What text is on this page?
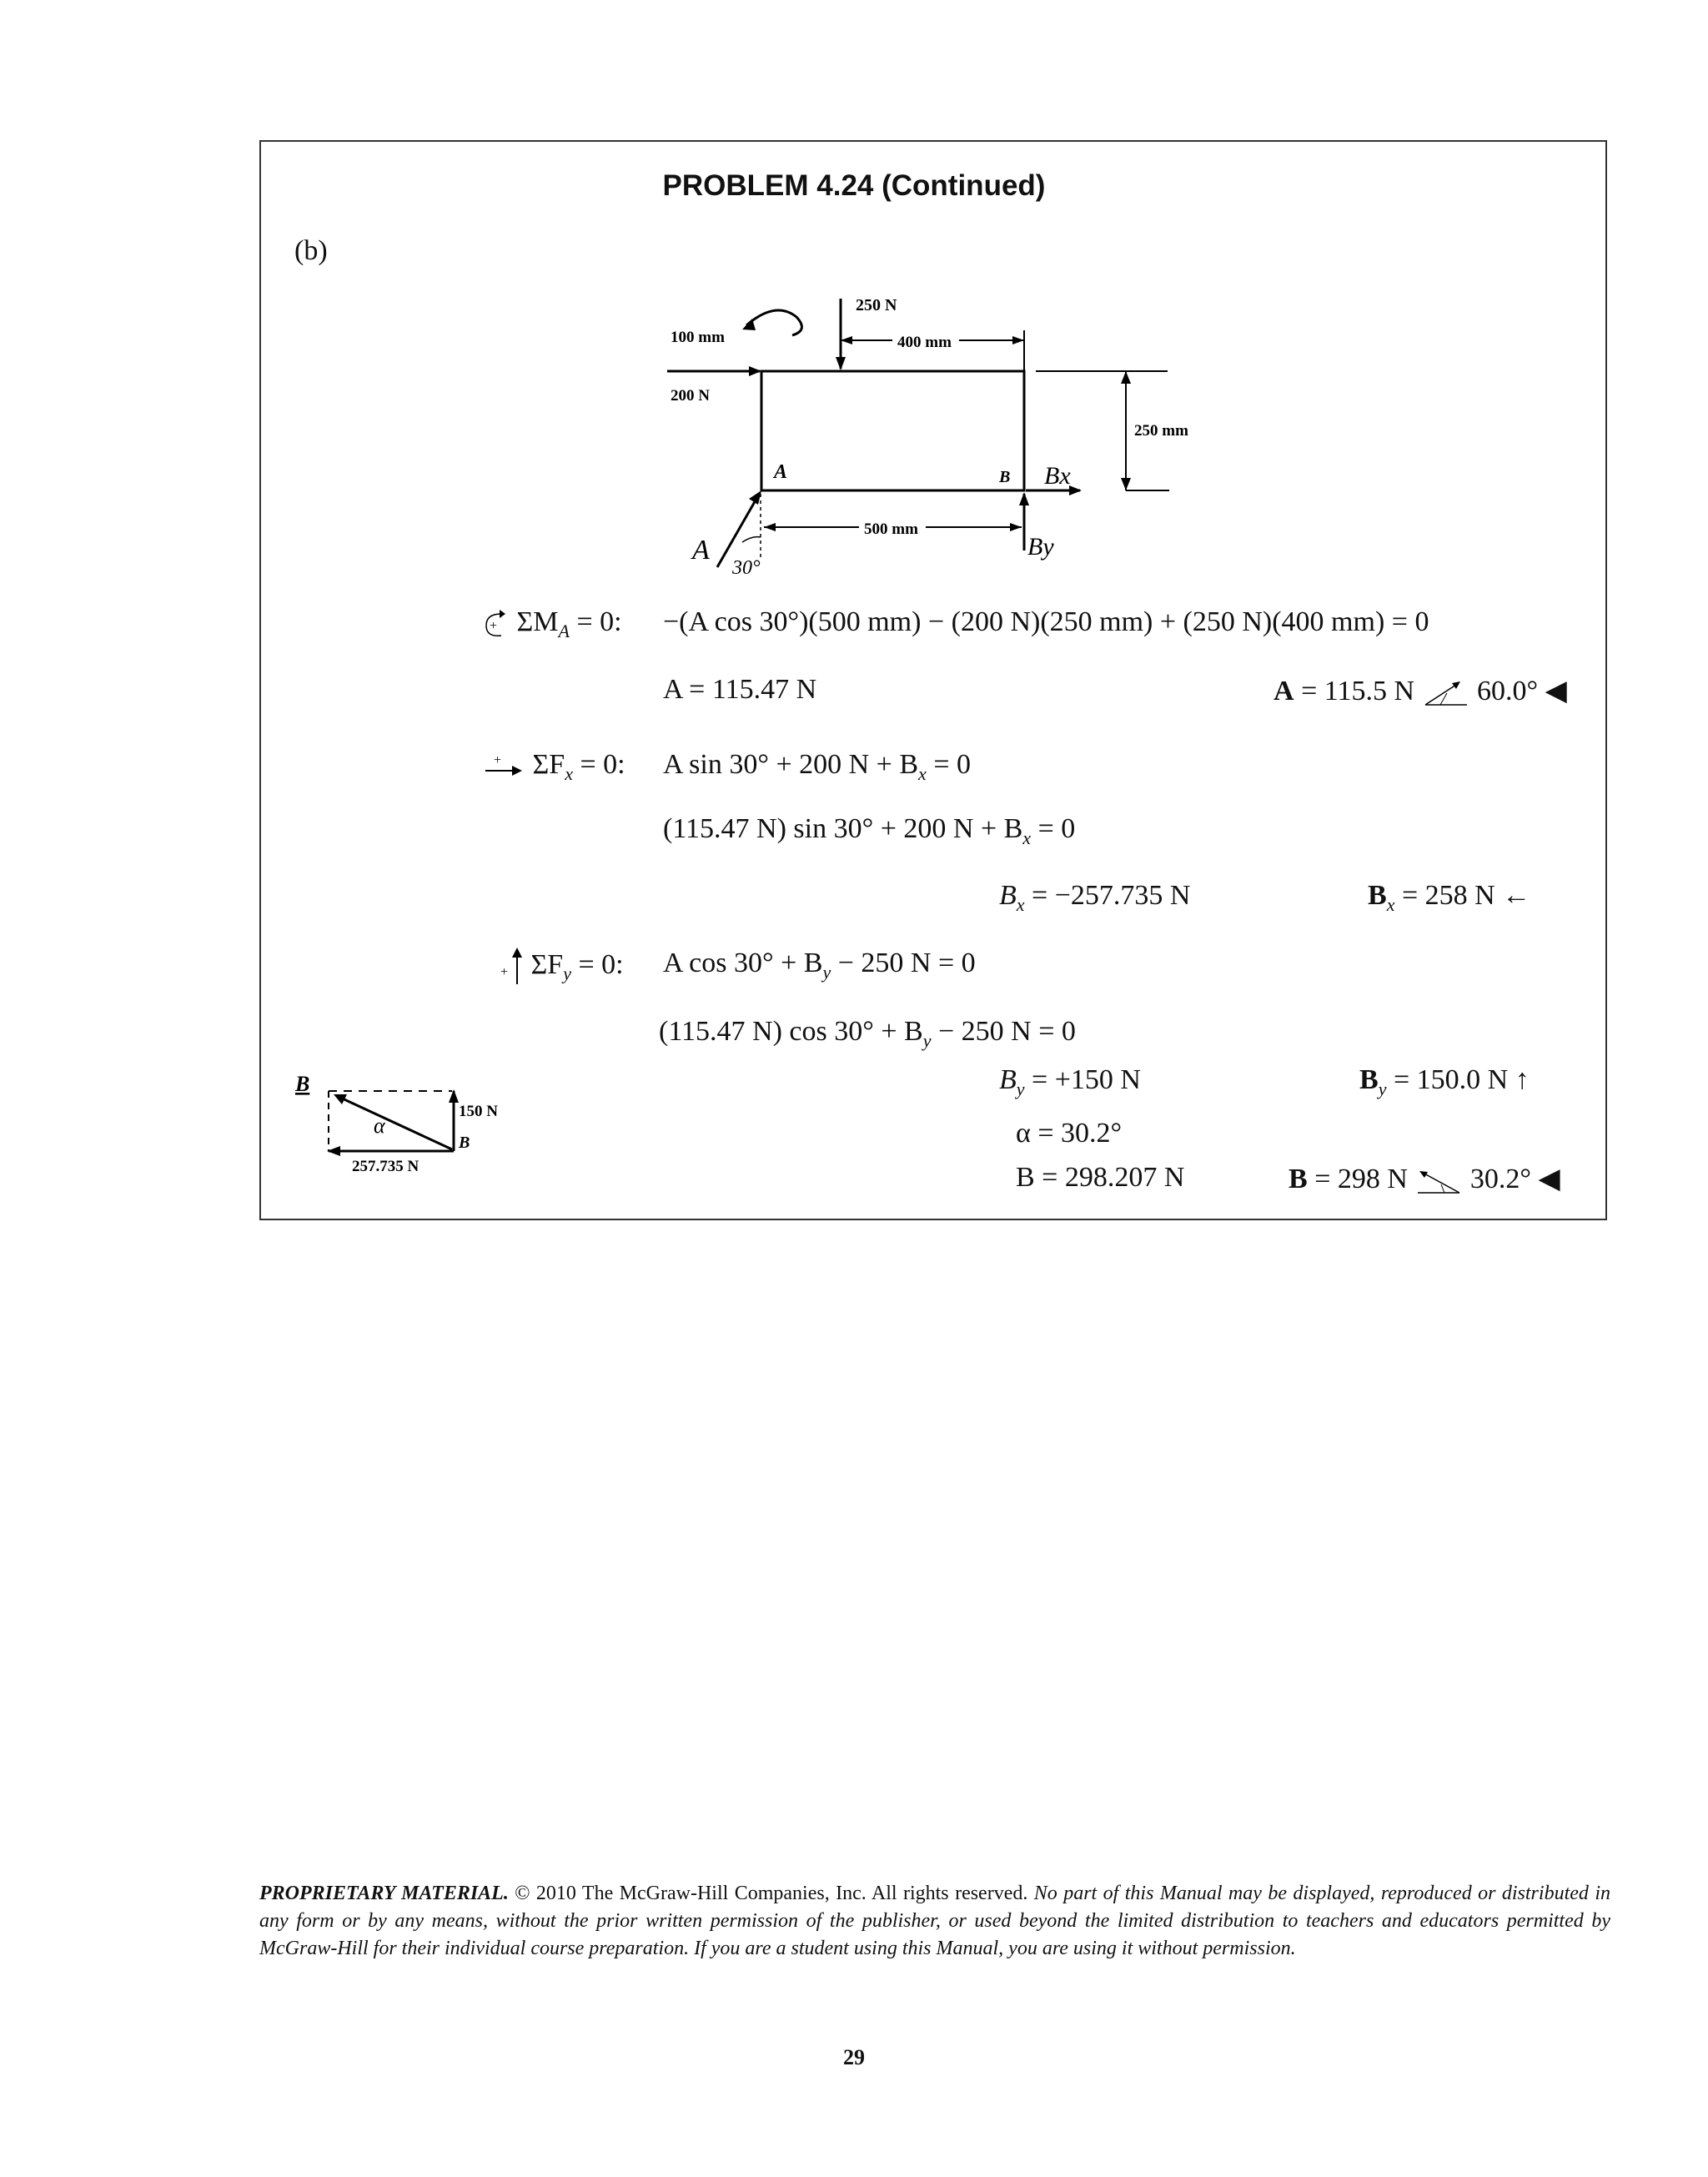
PROBLEM 4.24 (Continued)
(b)
250 N
400 mm
100 mm
200 N
250 mm
A	B Bx
By
A
30°
500 mm
+ $\Sigma M_A = 0$: −(A cos 30°)(500 mm) − (200 N)(250 mm) + (250 N)(400 mm) = 0
A = 115.47 N	A = 115.5 N 60.0° ◀
+ $\Sigma F_x = 0$: A sin 30° + 200 $N + B_x = 0$
(115.47 N) sin 30° + 200 $N + B_x = 0$
$B_x = -257.735$ N	$B_x = 258$ N ←
+ $\Sigma F_y = 0$: A $\cos 30^\circ + B_y - 250$ N = 0
(115.47 N) $\cos 30^\circ + B_y - 250$ N = 0
$B_y = +150$ N	$B_y = 150.0$ N ↑
α = 30.2°
B = 298.207 N	B = 298 N 30.2° ◀
B
α
150 N
B
257.735 N
PROPRIETARY MATERIAL. © 2010 The McGraw-Hill Companies, Inc. All rights reserved. No part of this Manual may be displayed, reproduced or distributed in any form or by any means, without the prior written permission of the publisher, or used beyond the limited distribution to teachers and educators permitted by McGraw-Hill for their individual course preparation. If you are a student using this Manual, you are using it without permission.
29
